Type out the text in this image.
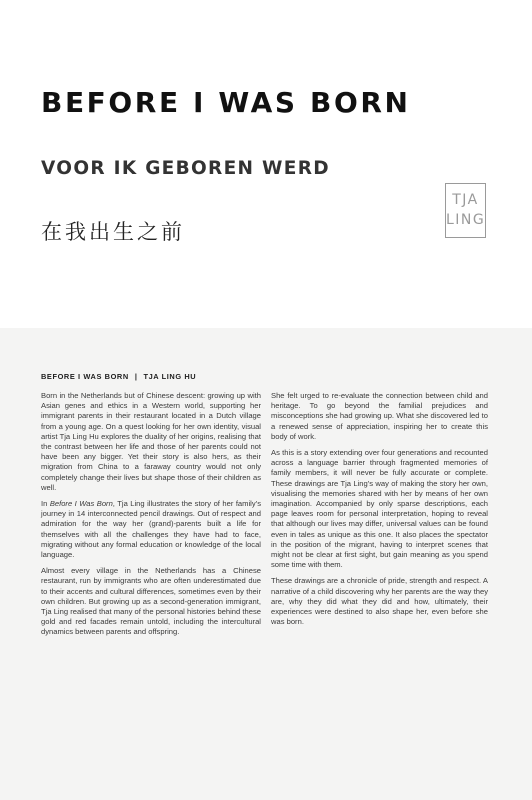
BEFORE I WAS BORN
VOOR IK GEBOREN WERD
在我出生之前
TJA
LING
BEFORE I WAS BORN | TJA LING HU

Born in the Netherlands but of Chinese descent: growing up with Asian genes and ethics in a Western world, supporting her immigrant parents in their restaurant located in a Dutch village from a young age. On a quest looking for her own identity, visual artist Tja Ling Hu explores the duality of her origins, realising that the contrast between her life and those of her parents could not have been any bigger. Yet their story is also hers, as their migration from China to a faraway country would not only completely change their lives but shape those of their children as well.

In Before I Was Born, Tja Ling illustrates the story of her family’s journey in 14 interconnected pencil drawings. Out of respect and admiration for the way her (grand)-parents built a life for themselves with all the challenges they have had to face, migrating without any formal education or knowledge of the local language.

Almost every village in the Netherlands has a Chinese restaurant, run by immigrants who are often underestimated due to their accents and cultural differences, sometimes even by their own children. But growing up as a second-generation immigrant, Tja Ling realised that many of the personal histories behind these gold and red facades remain untold, including the intercultural dynamics between parents and offspring.

She felt urged to re-evaluate the connection between child and heritage. To go beyond the familial prejudices and misconceptions she had growing up. What she discovered led to a renewed sense of appreciation, inspiring her to create this body of work.

As this is a story extending over four generations and recounted across a language barrier through fragmented memories of family members, it will never be fully accurate or complete. These drawings are Tja Ling’s way of making the story her own, visualising the memories shared with her by means of her own imagination. Accompanied by only sparse descriptions, each page leaves room for personal interpretation, hoping to reveal that although our lives may differ, universal values can be found even in tales as unique as this one. It also places the spectator in the position of the migrant, having to interpret scenes that might not be clear at first sight, but gain meaning as you spend some time with them.

These drawings are a chronicle of pride, strength and respect. A narrative of a child discovering why her parents are the way they are, why they did what they did and how, ultimately, their experiences were destined to also shape her, even before she was born.
